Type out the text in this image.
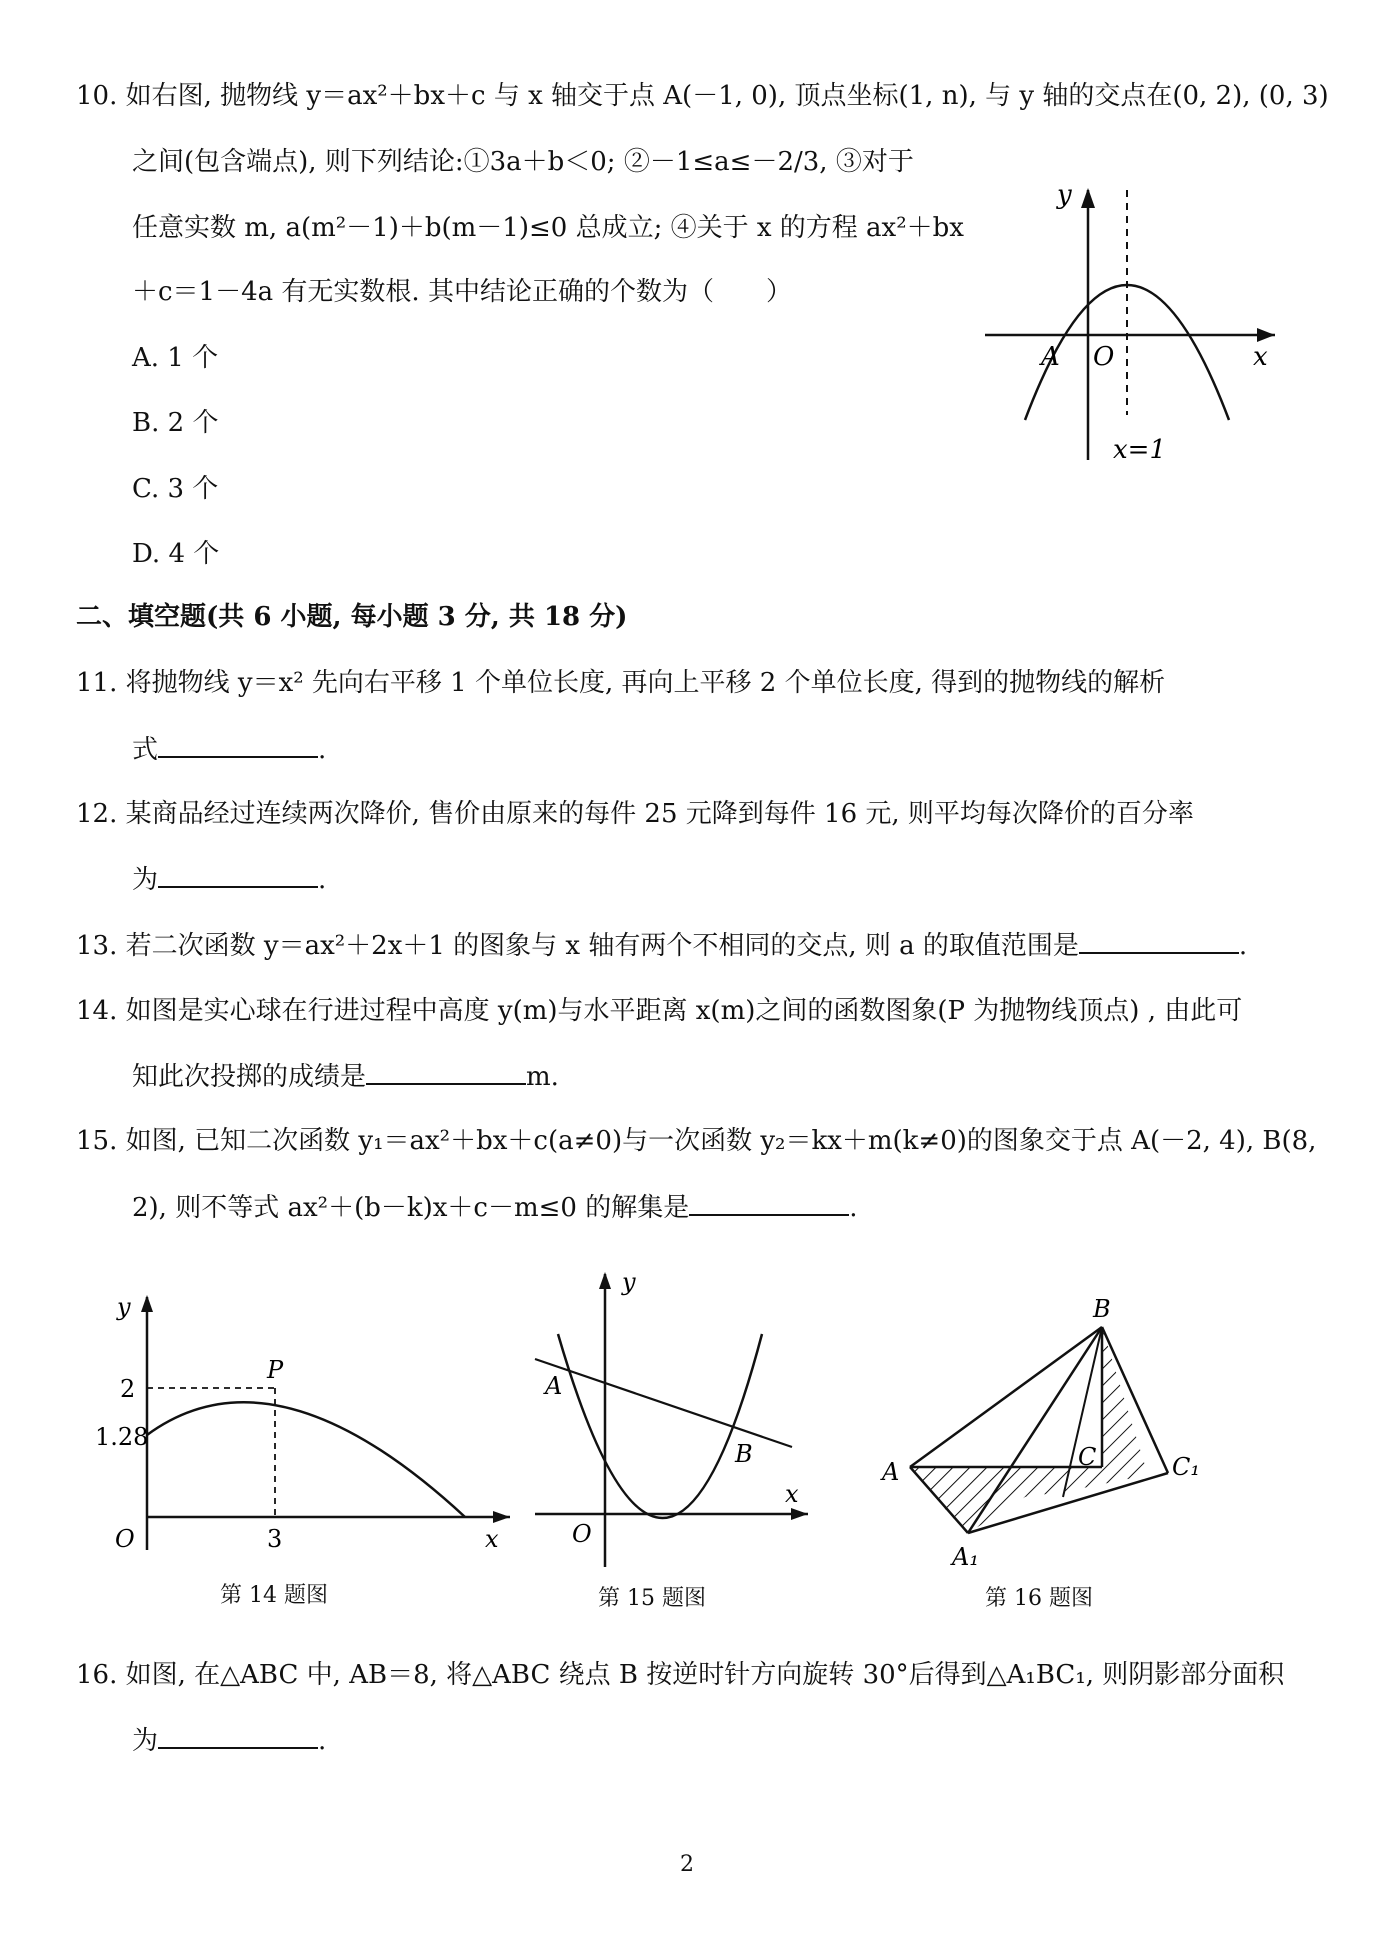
10. 如右图, 抛物线 y＝ax²＋bx＋c 与 x 轴交于点 A(－1, 0), 顶点坐标(1, n), 与 y 轴的交点在(0, 2), (0, 3)
之间(包含端点), 则下列结论:①3a＋b＜0; ②－1≤a≤－2/3, ③对于
任意实数 m, a(m²－1)＋b(m－1)≤0 总成立; ④关于 x 的方程 ax²＋bx
＋c＝1－4a 有无实数根. 其中结论正确的个数为（　　）
A. 1 个
B. 2 个
C. 3 个
D. 4 个
y
x
A O
x=1
二、填空题(共 6 小题, 每小题 3 分, 共 18 分)
11. 将抛物线 y＝x² 先向右平移 1 个单位长度, 再向上平移 2 个单位长度, 得到的抛物线的解析
式	.
12. 某商品经过连续两次降价, 售价由原来的每件 25 元降到每件 16 元, 则平均每次降价的百分率
为	.
13. 若二次函数 y＝ax²＋2x＋1 的图象与 x 轴有两个不相同的交点, 则 a 的取值范围是	.
14. 如图是实心球在行进过程中高度 y(m)与水平距离 x(m)之间的函数图象(P 为抛物线顶点) , 由此可
知此次投掷的成绩是	m.
15. 如图, 已知二次函数 y₁＝ax²＋bx＋c(a≠0)与一次函数 y₂＝kx＋m(k≠0)的图象交于点 A(－2, 4), B(8,
2), 则不等式 ax²＋(b－k)x＋c－m≤0 的解集是	.
y
x
O
2
1.28
3
P
第 14 题图
y
x
O
A
B
第 15 题图
B
A
C	C₁
A₁
第 16 题图
16. 如图, 在△ABC 中, AB＝8, 将△ABC 绕点 B 按逆时针方向旋转 30°后得到△A₁BC₁, 则阴影部分面积
为	.
2
